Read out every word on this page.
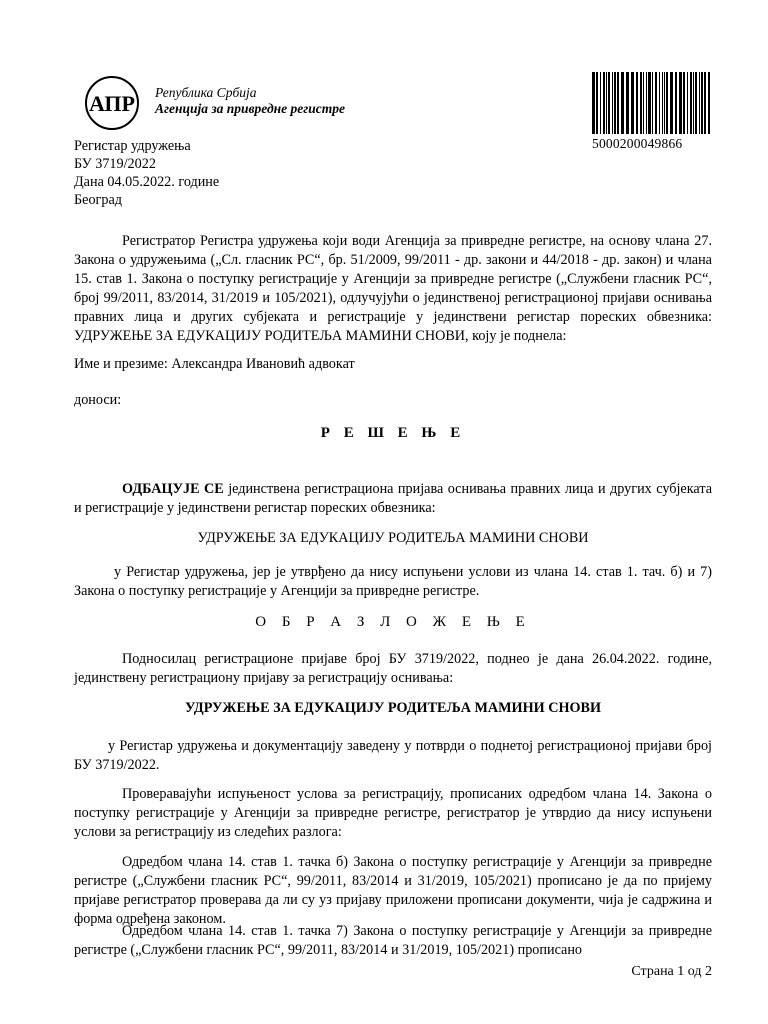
АПР Република Србија
Агенција за привредне регистре
5000200049866
Регистар удружења
БУ 3719/2022
Дана 04.05.2022. године
Београд
Регистратор Регистра удружења који води Агенција за привредне регистре, на основу члана 27. Закона о удружењима („Сл. гласник РС“, бр. 51/2009, 99/2011 - др. закони и 44/2018 - др. закон) и члана 15. став 1. Закона о поступку регистрације у Агенцији за привредне регистре („Службени гласник РС“, број 99/2011, 83/2014, 31/2019 и 105/2021), одлучујући о јединственој регистрационој пријави оснивања правних лица и других субјеката и регистрације у јединствени регистар пореских обвезника: УДРУЖЕЊЕ ЗА ЕДУКАЦИЈУ РОДИТЕЉА МАМИНИ СНОВИ, коју је поднела:
Име и презиме: Александра Ивановић адвокат
доноси:
Р Е Ш Е Њ Е
ОДБАЦУЈЕ СЕ јединствена регистрациона пријава оснивања правних лица и других субјеката и регистрације у јединствени регистар пореских обвезника:
УДРУЖЕЊЕ ЗА ЕДУКАЦИЈУ РОДИТЕЉА МАМИНИ СНОВИ
у Регистар удружења, јер је утврђено да нису испуњени услови из члана 14. став 1. тач. б) и 7) Закона о поступку регистрације у Агенцији за привредне регистре.
О Б Р А З Л О Ж Е Њ Е
Подносилац регистрационе пријаве број БУ 3719/2022, поднео је дана 26.04.2022. године, јединствену регистрациону пријаву за регистрацију оснивања:
УДРУЖЕЊЕ ЗА ЕДУКАЦИЈУ РОДИТЕЉА МАМИНИ СНОВИ
у Регистар удружења и документацију заведену у потврди о поднетој регистрационој пријави број БУ 3719/2022.
Проверавајући испуњеност услова за регистрацију, прописаних одредбом члана 14. Закона о поступку регистрације у Агенцији за привредне регистре, регистратор је утврдио да нису испуњени услови за регистрацију из следећих разлога:
Одредбом члана 14. став 1. тачка б) Закона о поступку регистрације у Агенцији за привредне регистре („Службени гласник РС“, 99/2011, 83/2014 и 31/2019, 105/2021) прописано је да по пријему пријаве регистратор проверава да ли су уз пријаву приложени прописани документи, чија је садржина и форма одређена законом.
Одредбом члана 14. став 1. тачка 7) Закона о поступку регистрације у Агенцији за привредне регистре („Службени гласник РС“, 99/2011, 83/2014 и 31/2019, 105/2021) прописано
Страна 1 од 2
